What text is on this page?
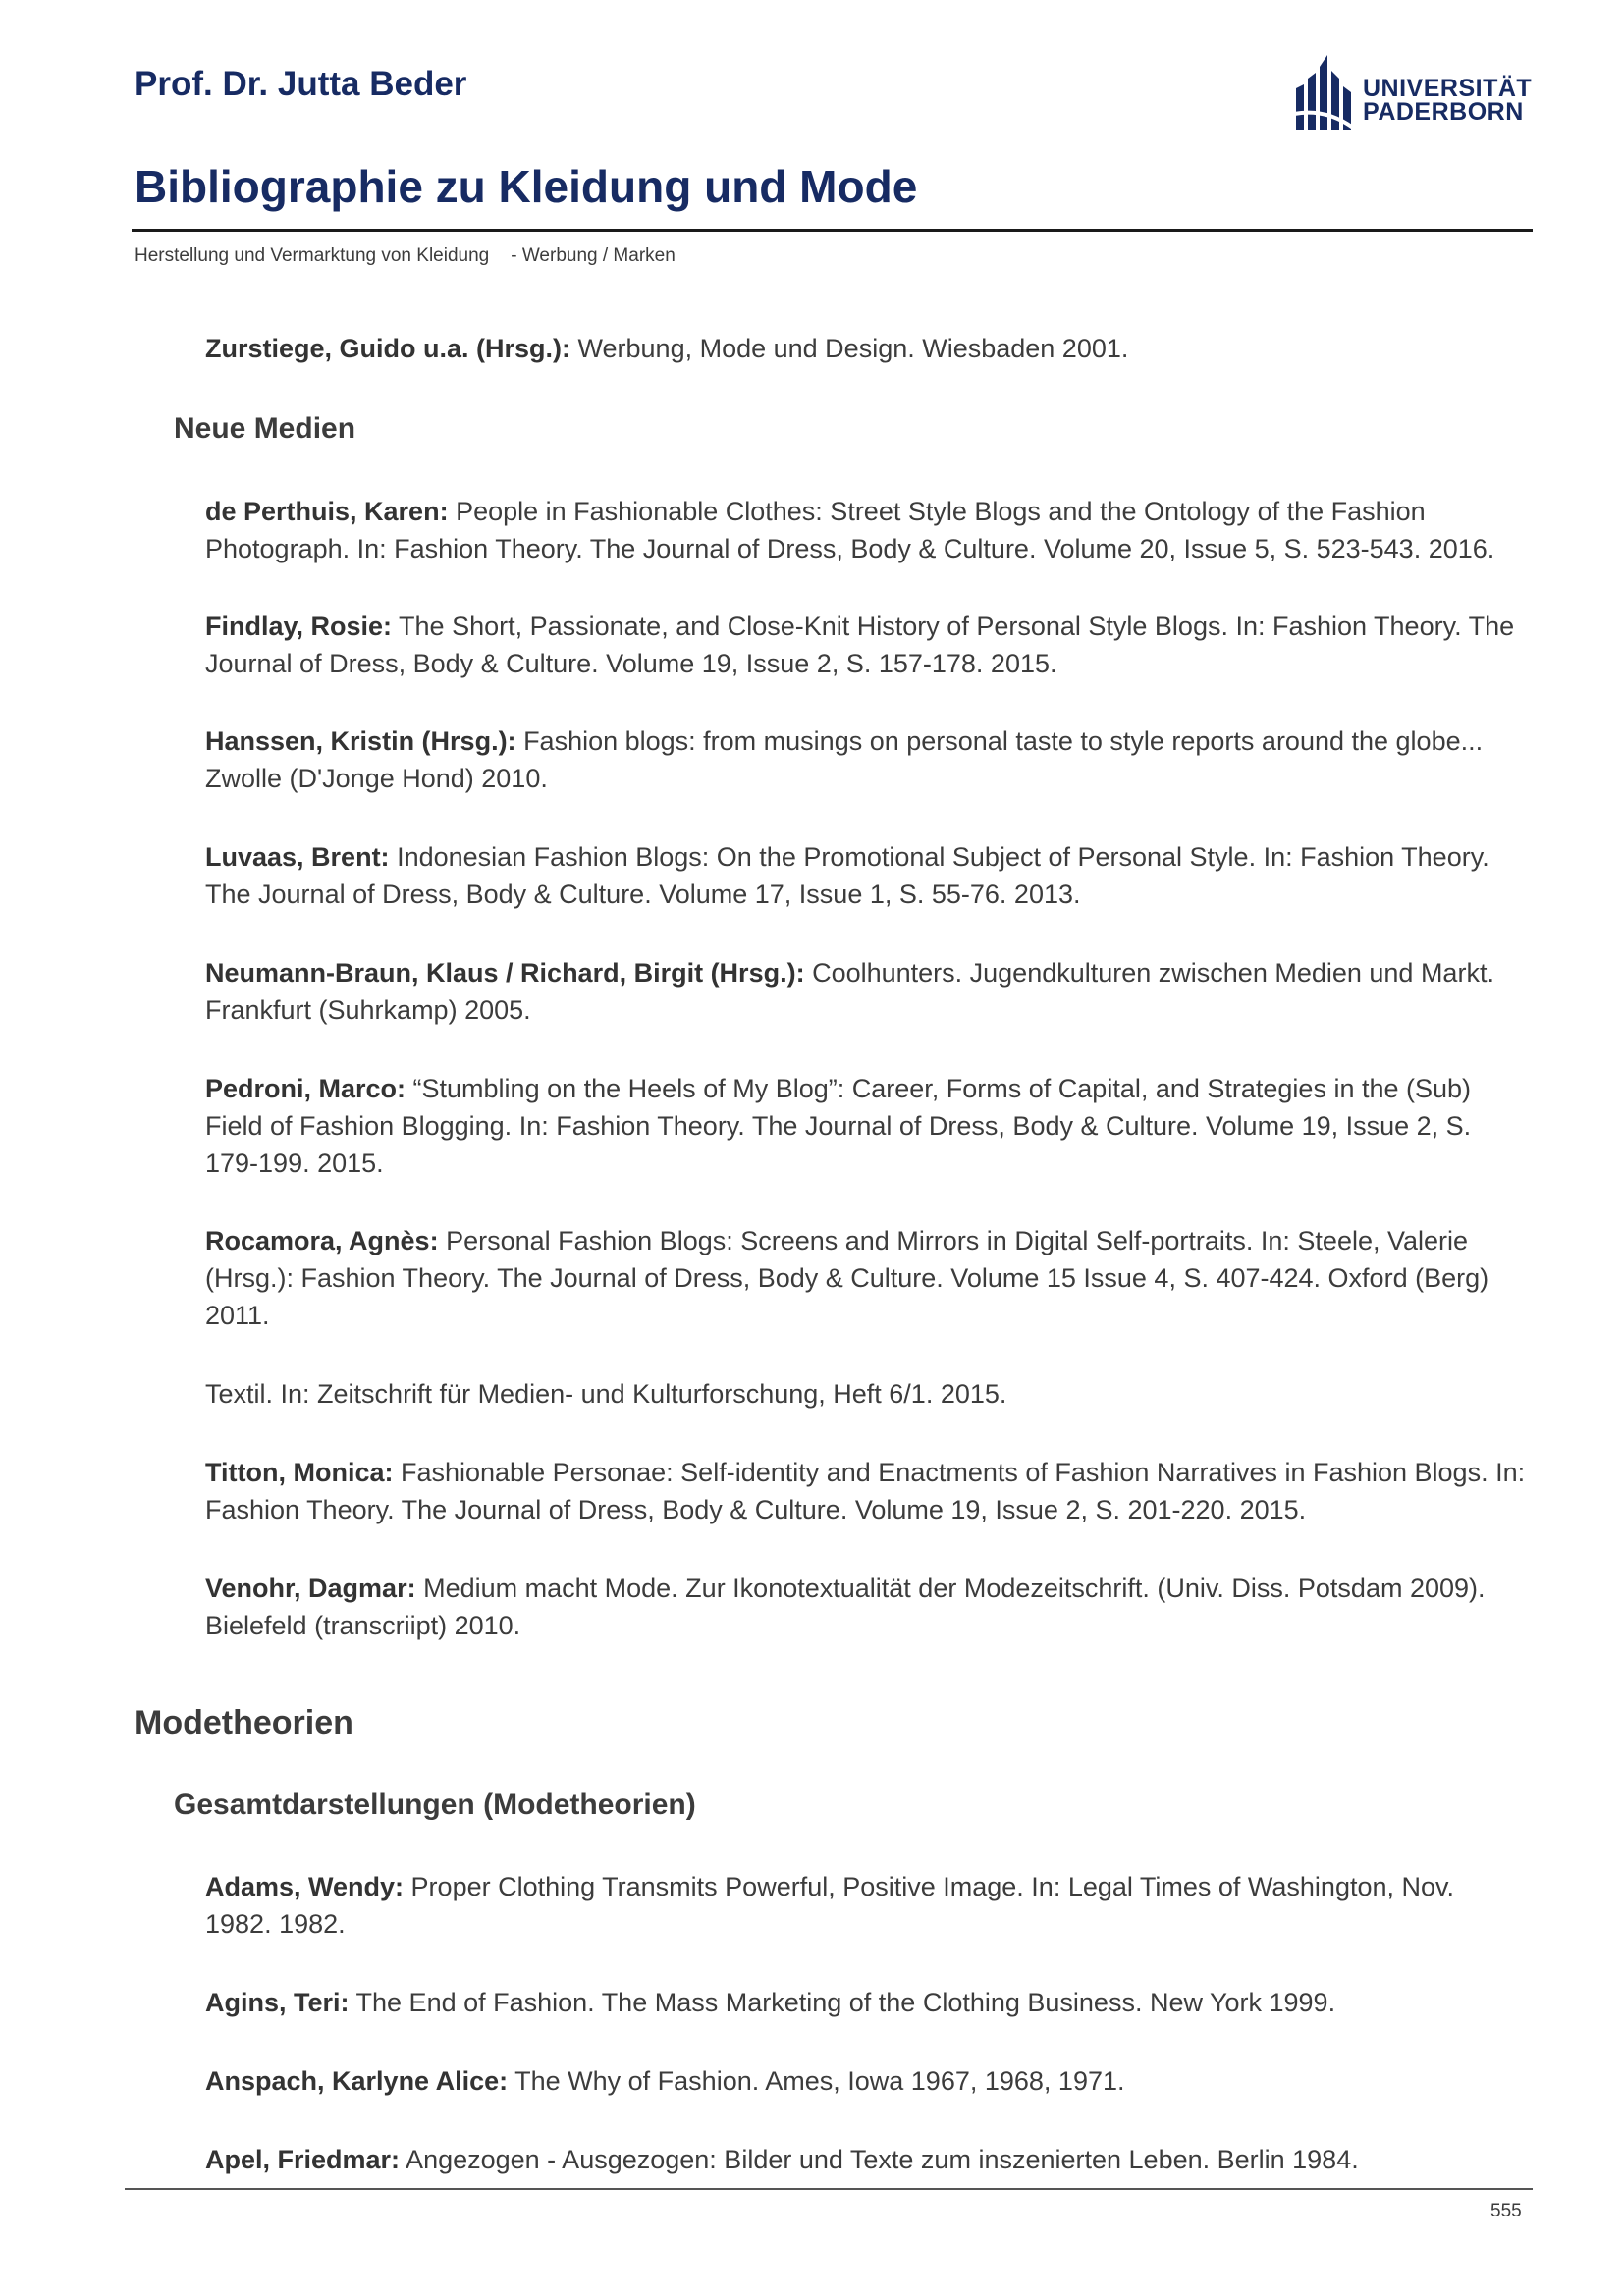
Prof. Dr. Jutta Beder	UNIVERSITÄT
PADERBORN
Bibliographie zu Kleidung und Mode
Herstellung und Vermarktung von Kleidung - Werbung / Marken
Zurstiege, Guido u.a. (Hrsg.): Werbung, Mode und Design. Wiesbaden 2001.
Neue Medien
de Perthuis, Karen: People in Fashionable Clothes: Street Style Blogs and the Ontology of the Fashion Photograph. In: Fashion Theory. The Journal of Dress, Body & Culture. Volume 20, Issue 5, S. 523-543. 2016.
Findlay, Rosie: The Short, Passionate, and Close-Knit History of Personal Style Blogs. In: Fashion Theory. The Journal of Dress, Body & Culture. Volume 19, Issue 2, S. 157-178. 2015.
Hanssen, Kristin (Hrsg.): Fashion blogs: from musings on personal taste to style reports around the globe... Zwolle (D'Jonge Hond) 2010.
Luvaas, Brent: Indonesian Fashion Blogs: On the Promotional Subject of Personal Style. In: Fashion Theory. The Journal of Dress, Body & Culture. Volume 17, Issue 1, S. 55-76. 2013.
Neumann-Braun, Klaus / Richard, Birgit (Hrsg.): Coolhunters. Jugendkulturen zwischen Medien und Markt. Frankfurt (Suhrkamp) 2005.
Pedroni, Marco: “Stumbling on the Heels of My Blog”: Career, Forms of Capital, and Strategies in the (Sub) Field of Fashion Blogging. In: Fashion Theory. The Journal of Dress, Body & Culture. Volume 19, Issue 2, S. 179-199. 2015.
Rocamora, Agnès: Personal Fashion Blogs: Screens and Mirrors in Digital Self-portraits. In: Steele, Valerie (Hrsg.): Fashion Theory. The Journal of Dress, Body & Culture. Volume 15 Issue 4, S. 407-424. Oxford (Berg) 2011.
Textil. In: Zeitschrift für Medien- und Kulturforschung, Heft 6/1. 2015.
Titton, Monica: Fashionable Personae: Self-identity and Enactments of Fashion Narratives in Fashion Blogs. In: Fashion Theory. The Journal of Dress, Body & Culture. Volume 19, Issue 2, S. 201-220. 2015.
Venohr, Dagmar: Medium macht Mode. Zur Ikonotextualität der Modezeitschrift. (Univ. Diss. Potsdam 2009). Bielefeld (transcriipt) 2010.
Modetheorien
Gesamtdarstellungen (Modetheorien)
Adams, Wendy: Proper Clothing Transmits Powerful, Positive Image. In: Legal Times of Washington, Nov. 1982. 1982.
Agins, Teri: The End of Fashion. The Mass Marketing of the Clothing Business. New York 1999.
Anspach, Karlyne Alice: The Why of Fashion. Ames, Iowa 1967, 1968, 1971.
Apel, Friedmar: Angezogen - Ausgezogen: Bilder und Texte zum inszenierten Leben. Berlin 1984.
555
